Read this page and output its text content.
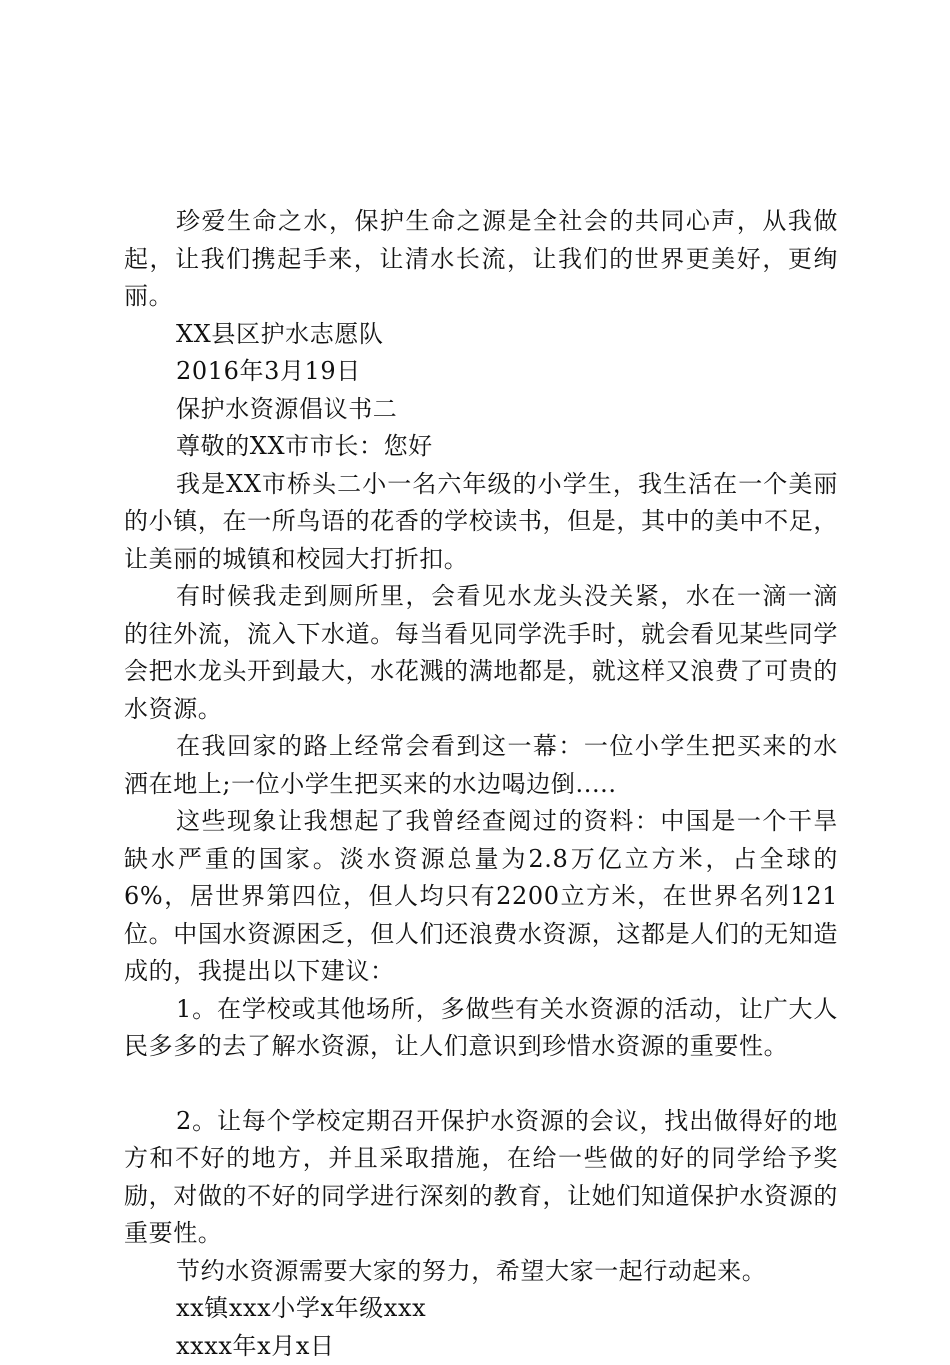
珍爱生命之水，保护生命之源是全社会的共同心声，从我做起，让我们携起手来，让清水长流，让我们的世界更美好，更绚丽。

XX县区护水志愿队

2016年3月19日

保护水资源倡议书二

尊敬的XX市市长：您好

我是XX市桥头二小一名六年级的小学生，我生活在一个美丽的小镇，在一所鸟语的花香的学校读书，但是，其中的美中不足，让美丽的城镇和校园大打折扣。

有时候我走到厕所里，会看见水龙头没关紧，水在一滴一滴的往外流，流入下水道。每当看见同学洗手时，就会看见某些同学会把水龙头开到最大，水花溅的满地都是，就这样又浪费了可贵的水资源。

在我回家的路上经常会看到这一幕：一位小学生把买来的水洒在地上;一位小学生把买来的水边喝边倒.....

这些现象让我想起了我曾经查阅过的资料：中国是一个干旱缺水严重的国家。淡水资源总量为2.8万亿立方米，占全球的6%，居世界第四位，但人均只有2200立方米，在世界名列121位。中国水资源困乏，但人们还浪费水资源，这都是人们的无知造成的，我提出以下建议：

1。在学校或其他场所，多做些有关水资源的活动，让广大人民多多的去了解水资源，让人们意识到珍惜水资源的重要性。

2。让每个学校定期召开保护水资源的会议，找出做得好的地方和不好的地方，并且采取措施，在给一些做的好的同学给予奖励，对做的不好的同学进行深刻的教育，让她们知道保护水资源的重要性。

节约水资源需要大家的努力，希望大家一起行动起来。

xx镇xxx小学x年级xxx

xxxx年x月x日
